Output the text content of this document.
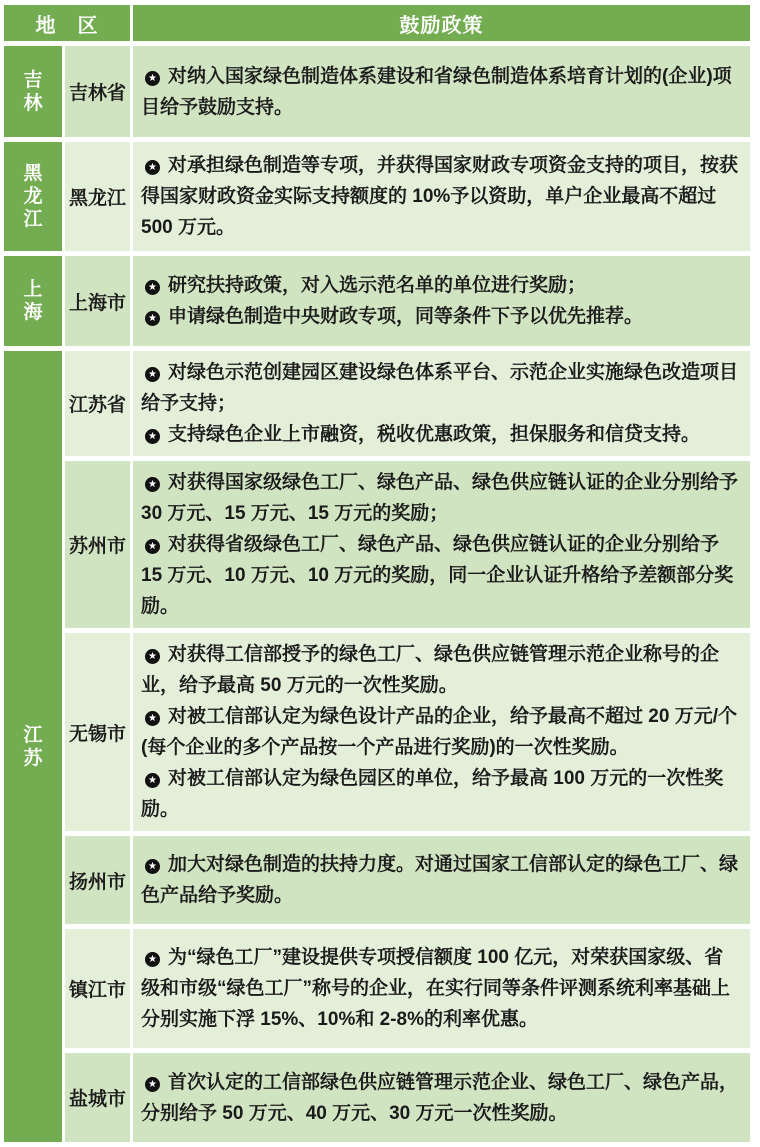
地　区		鼓励政策
吉林	吉林省	★ 对纳入国家绿色制造体系建设和省绿色制造体系培育计划的(企业)项目给予鼓励支持。

黑龙江	黑龙江	★ 对承担绿色制造等专项，并获得国家财政专项资金支持的项目，按获得国家财政资金实际支持额度的 10%予以资助，单户企业最高不超过 500 万元。

上海	上海市	★ 研究扶持政策，对入选示范名单的单位进行奖励；

★ 申请绿色制造中央财政专项，同等条件下予以优先推荐。

江苏	江苏省	★ 对绿色示范创建园区建设绿色体系平台、示范企业实施绿色改造项目给予支持；

★ 支持绿色企业上市融资，税收优惠政策，担保服务和信贷支持。

	苏州市	★ 对获得国家级绿色工厂、绿色产品、绿色供应链认证的企业分别给予 30 万元、15 万元、15 万元的奖励；

★ 对获得省级绿色工厂、绿色产品、绿色供应链认证的企业分别给予 15 万元、10 万元、10 万元的奖励，同一企业认证升格给予差额部分奖励。

	无锡市	★ 对获得工信部授予的绿色工厂、绿色供应链管理示范企业称号的企业，给予最高 50 万元的一次性奖励。

★ 对被工信部认定为绿色设计产品的企业，给予最高不超过 20 万元/个(每个企业的多个产品按一个产品进行奖励)的一次性奖励。

★ 对被工信部认定为绿色园区的单位，给予最高 100 万元的一次性奖励。

	扬州市	★ 加大对绿色制造的扶持力度。对通过国家工信部认定的绿色工厂、绿色产品给予奖励。

	镇江市	★ 为“绿色工厂”建设提供专项授信额度 100 亿元，对荣获国家级、省级和市级“绿色工厂”称号的企业，在实行同等条件评测系统利率基础上分别实施下浮 15%、10%和 2-8%的利率优惠。

	盐城市	★ 首次认定的工信部绿色供应链管理示范企业、绿色工厂、绿色产品，分别给予 50 万元、40 万元、30 万元一次性奖励。
